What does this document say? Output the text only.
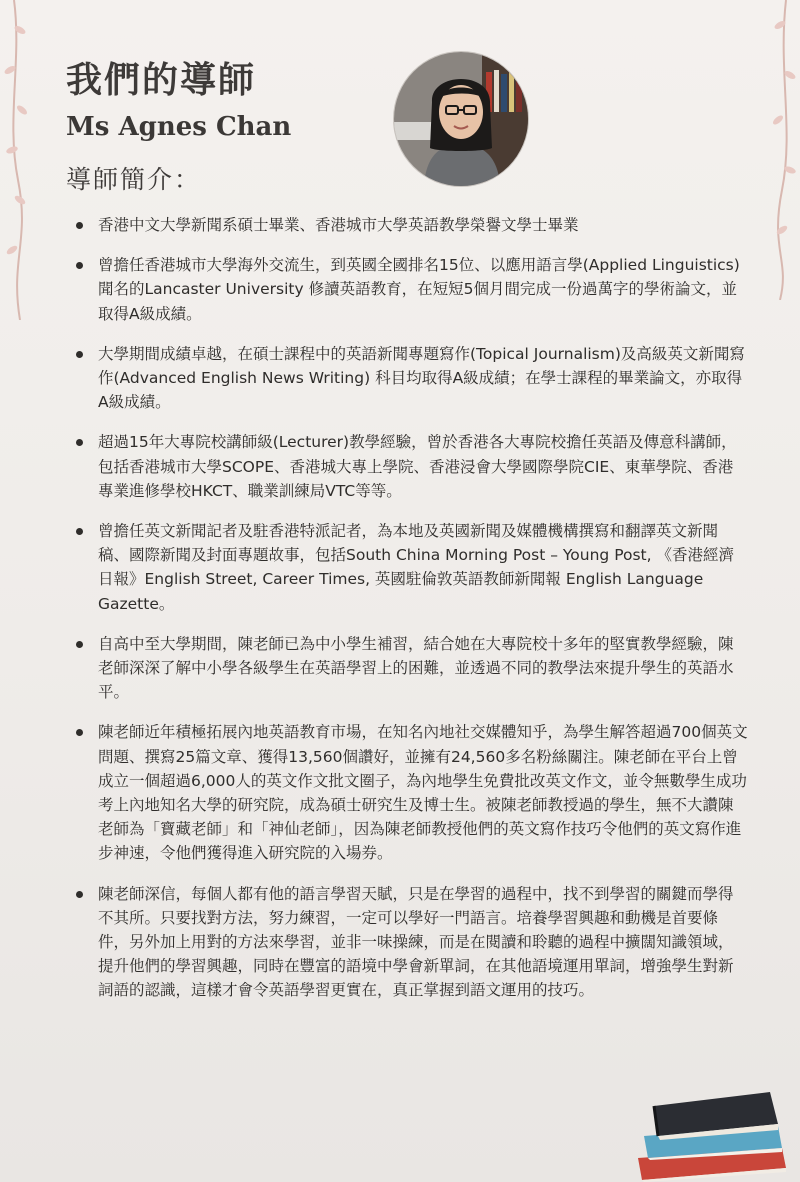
我們的導師
Ms Agnes Chan
導師簡介：
香港中文大學新聞系碩士畢業、香港城市大學英語教學榮譽文學士畢業
曾擔任香港城市大學海外交流生，到英國全國排名15位、以應用語言學(Applied Linguistics)聞名的Lancaster University 修讀英語教育，在短短5個月間完成一份過萬字的學術論文，並取得A級成績。
大學期間成績卓越，在碩士課程中的英語新聞專題寫作(Topical Journalism)及高級英文新聞寫作(Advanced English News Writing) 科目均取得A級成績；在學士課程的畢業論文，亦取得A級成績。
超過15年大專院校講師級(Lecturer)教學經驗，曾於香港各大專院校擔任英語及傳意科講師，包括香港城市大學SCOPE、香港城大專上學院、香港浸會大學國際學院CIE、東華學院、香港專業進修學校HKCT、職業訓練局VTC等等。
曾擔任英文新聞記者及駐香港特派記者，為本地及英國新聞及媒體機構撰寫和翻譯英文新聞稿、國際新聞及封面專題故事，包括South China Morning Post – Young Post, 《香港經濟日報》English Street, Career Times, 英國駐倫敦英語教師新聞報 English Language Gazette。
自高中至大學期間，陳老師已為中小學生補習，結合她在大專院校十多年的堅實教學經驗，陳老師深深了解中小學各級學生在英語學習上的困難，並透過不同的教學法來提升學生的英語水平。
陳老師近年積極拓展內地英語教育市場，在知名內地社交媒體知乎，為學生解答超過700個英文問題、撰寫25篇文章、獲得13,560個讚好，並擁有24,560多名粉絲關注。陳老師在平台上曾成立一個超過6,000人的英文作文批文圈子，為內地學生免費批改英文作文，並令無數學生成功考上內地知名大學的研究院，成為碩士研究生及博士生。被陳老師教授過的學生，無不大讚陳老師為「寶藏老師」和「神仙老師」，因為陳老師教授他們的英文寫作技巧令他們的英文寫作進步神速，令他們獲得進入研究院的入場券。
陳老師深信，每個人都有他的語言學習天賦，只是在學習的過程中，找不到學習的關鍵而學得不其所。只要找對方法，努力練習，一定可以學好一門語言。培養學習興趣和動機是首要條件，另外加上用對的方法來學習，並非一味操練，而是在閱讀和聆聽的過程中擴闊知識領域，提升他們的學習興趣，同時在豐富的語境中學會新單詞，在其他語境運用單詞，增強學生對新詞語的認識，這樣才會令英語學習更實在，真正掌握到語文運用的技巧。
